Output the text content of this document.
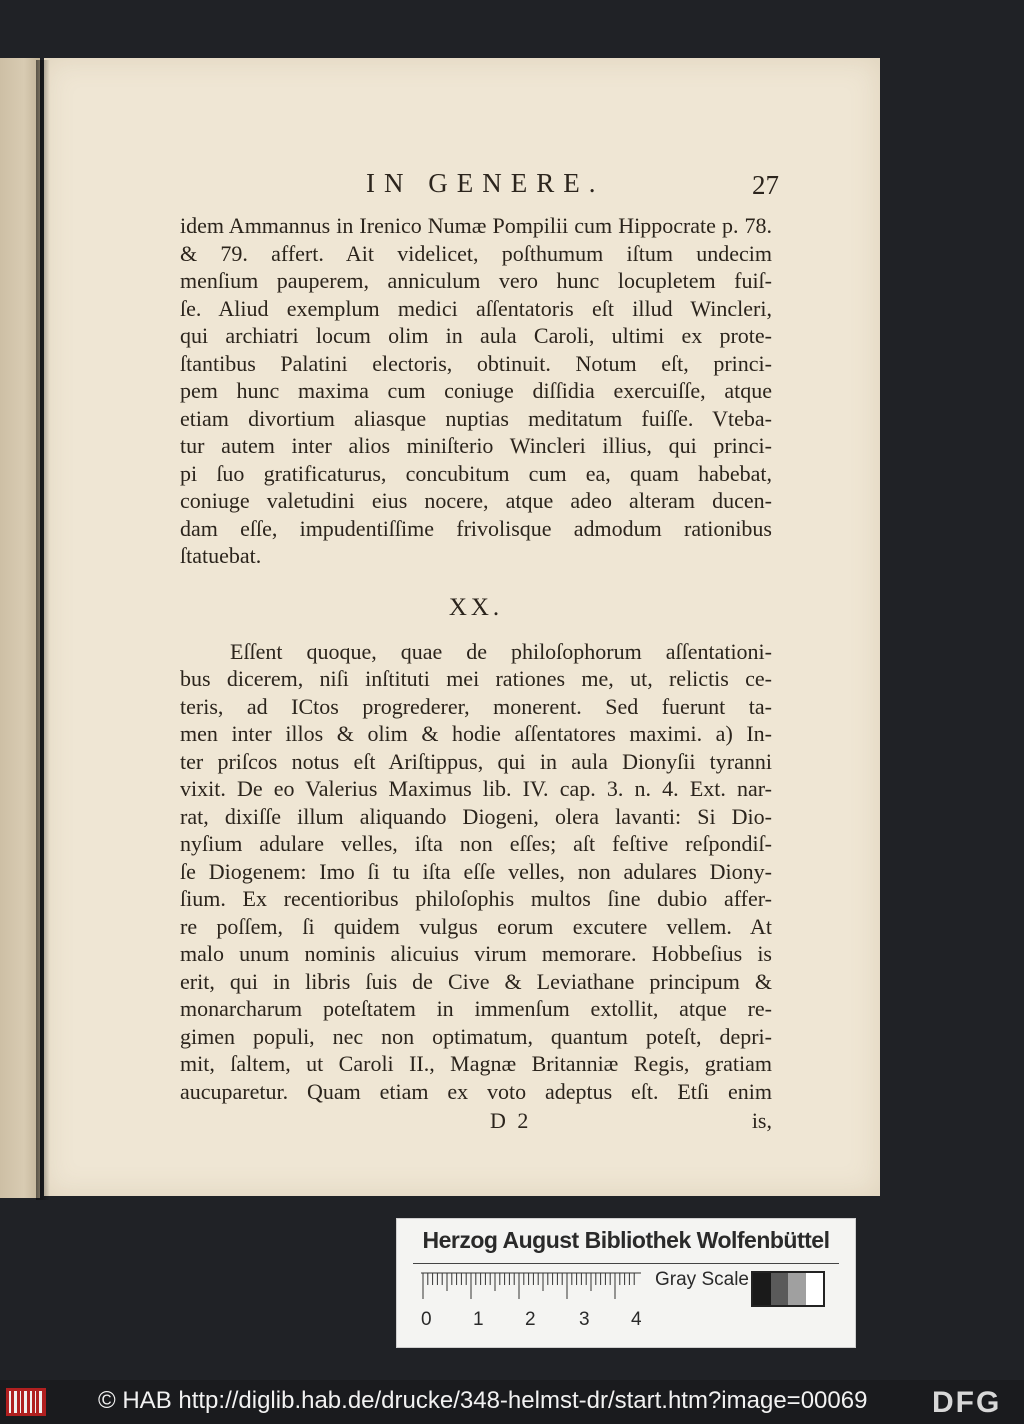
IN GENERE.	27
idem Ammannus in Irenico Numæ Pompilii cum Hippocrate p. 78.
& 79. affert. Ait videlicet, poſthumum iſtum undecim
menſium pauperem, anniculum vero hunc locupletem fuiſ-
ſe. Aliud exemplum medici aſſentatoris eſt illud Wincleri,
qui archiatri locum olim in aula Caroli, ultimi ex prote-
ſtantibus Palatini electoris, obtinuit. Notum eſt, princi-
pem hunc maxima cum coniuge diſſidia exercuiſſe, atque
etiam divortium aliasque nuptias meditatum fuiſſe. Vteba-
tur autem inter alios miniſterio Wincleri illius, qui princi-
pi ſuo gratificaturus, concubitum cum ea, quam habebat,
coniuge valetudini eius nocere, atque adeo alteram ducen-
dam eſſe, impudentiſſime frivolisque admodum rationibus
ſtatuebat.
XX.
Eſſent quoque, quae de philoſophorum aſſentationi-
bus dicerem, niſi inſtituti mei rationes me, ut, relictis ce-
teris, ad ICtos progrederer, monerent. Sed fuerunt ta-
men inter illos & olim & hodie aſſentatores maximi. a) In-
ter priſcos notus eſt Ariſtippus, qui in aula Dionyſii tyranni
vixit. De eo Valerius Maximus lib. IV. cap. 3. n. 4. Ext. nar-
rat, dixiſſe illum aliquando Diogeni, olera lavanti: Si Dio-
nyſium adulare velles, iſta non eſſes; aſt feſtive reſpondiſ-
ſe Diogenem: Imo ſi tu iſta eſſe velles, non adulares Diony-
ſium. Ex recentioribus philoſophis multos ſine dubio affer-
re poſſem, ſi quidem vulgus eorum excutere vellem. At
malo unum nominis alicuius virum memorare. Hobbeſius is
erit, qui in libris ſuis de Cive & Leviathane principum &
monarcharum poteſtatem in immenſum extollit, atque re-
gimen populi, nec non optimatum, quantum poteſt, depri-
mit, ſaltem, ut Caroli II., Magnæ Britanniæ Regis, gratiam
aucuparetur. Quam etiam ex voto adeptus eſt. Etſi enim
D 2	is,
Herzog August Bibliothek Wolfenbüttel
Gray Scale
0 1 2 3 4
© HAB http://diglib.hab.de/drucke/348-helmst-dr/start.htm?image=00069 DFG
